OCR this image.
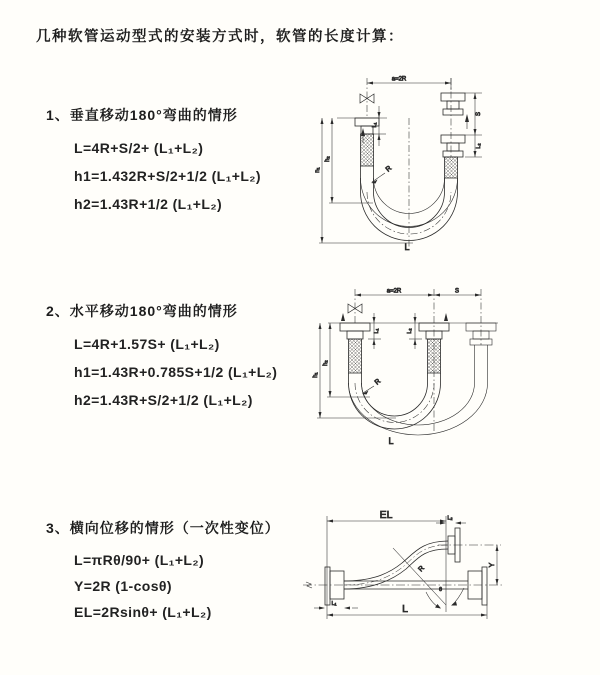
几种软管运动型式的安装方式时，软管的长度计算：
1、垂直移动180°弯曲的情形
L=4R+S/2+ (L₁+L₂)
h1=1.432R+S/2+1/2 (L₁+L₂)
h2=1.43R+1/2 (L₁+L₂)
a=2R
h₁
h₂
L₁
S
L₂
R
L
2、水平移动180°弯曲的情形
L=4R+1.57S+ (L₁+L₂)
h1=1.43R+0.785S+1/2 (L₁+L₂)
h2=1.43R+S/2+1/2 (L₁+L₂)
a=2R	S
h₁
h₂
L₁	L₂
R
L
3、横向位移的情形（一次性变位）
L=πRθ/90+ (L₁+L₂)
Y=2R (1-cosθ)
EL=2Rsinθ+ (L₁+L₂)
θ
R
EL	L₂
Y
L₁	L
